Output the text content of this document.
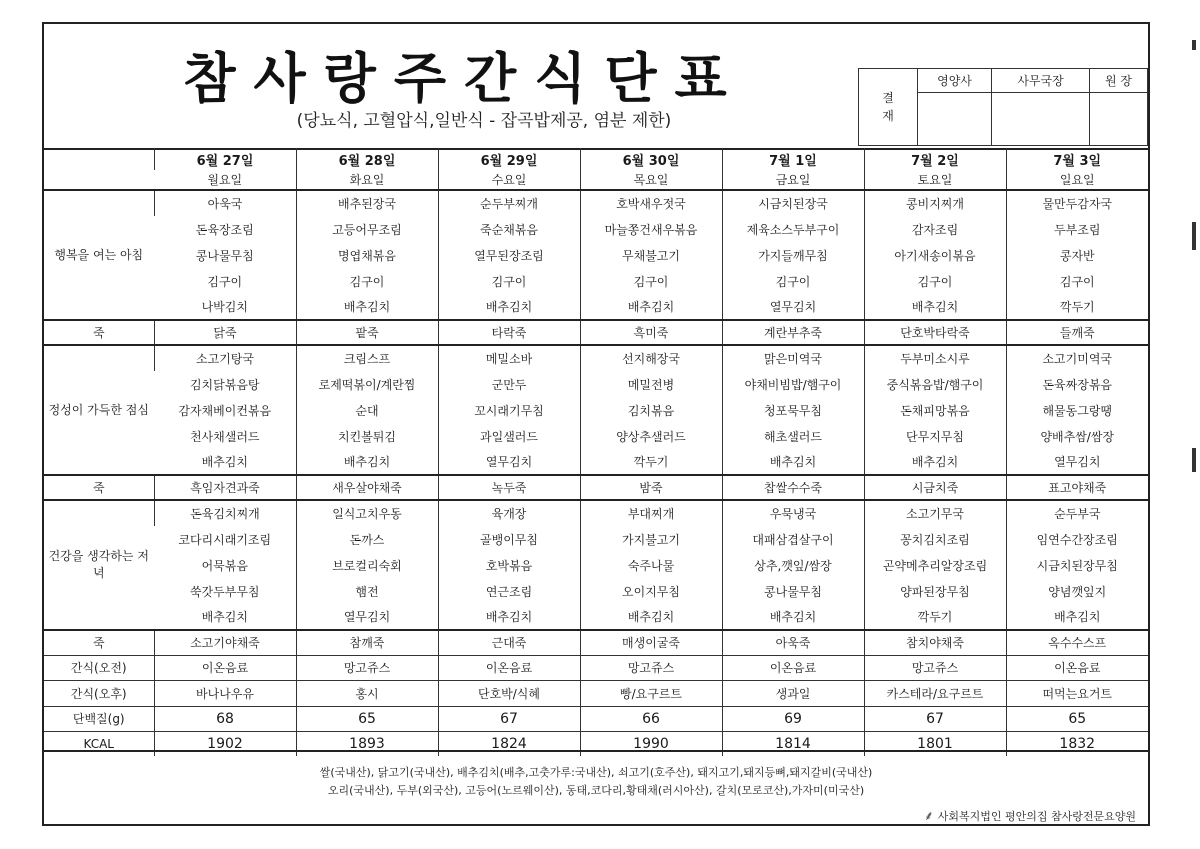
참사랑주간식단표
(당뇨식, 고혈압식,일반식 - 잡곡밥제공, 염분 제한)
결
재	영양사	사무국장	원 장

	6월 27일	6월 28일	6월 29일	6월 30일	7월 1일	7월 2일	7월 3일
	월요일	화요일	수요일	목요일	금요일	토요일	일요일
행복을 여는 아침	아욱국	배추된장국	순두부찌개	호박새우젓국	시금치된장국	콩비지찌개	물만두감자국
	돈육장조림	고등어무조림	죽순채볶음	마늘쫑건새우볶음	제육소스두부구이	감자조림	두부조림
	콩나물무침	명엽채볶음	열무된장조림	무채불고기	가지들깨무침	아기새송이볶음	콩자반
	김구이	김구이	김구이	김구이	김구이	김구이	김구이
	나박김치	배추김치	배추김치	배추김치	열무김치	배추김치	깍두기
죽	닭죽	팥죽	타락죽	흑미죽	계란부추죽	단호박타락죽	들깨죽
정성이 가득한 점심	소고기탕국	크림스프	메밀소바	선지해장국	맑은미역국	두부미소시루	소고기미역국
	김치닭볶음탕	로제떡볶이/계란찜	군만두	메밀전병	야채비빔밥/햄구이	중식볶음밥/햄구이	돈육짜장볶음
	감자채베이컨볶음	순대	꼬시래기무침	김치볶음	청포묵무침	돈채피망볶음	해물동그랑땡
	천사채샐러드	치킨볼튀김	과일샐러드	양상추샐러드	해초샐러드	단무지무침	양배추쌈/쌈장
	배추김치	배추김치	열무김치	깍두기	배추김치	배추김치	열무김치
죽	흑임자견과죽	새우살야채죽	녹두죽	밤죽	찹쌀수수죽	시금치죽	표고야채죽
건강을 생각하는 저녁	돈육김치찌개	일식고치우동	육개장	부대찌개	우묵냉국	소고기무국	순두부국
	코다리시래기조림	돈까스	골뱅이무침	가지불고기	대패삼겹살구이	꽁치김치조림	임연수간장조림
	어묵볶음	브로컬리숙회	호박볶음	숙주나물	상추,깻잎/쌈장	곤약메추리알장조림	시금치된장무침
	쑥갓두부무침	햄전	연근조림	오이지무침	콩나물무침	양파된장무침	양념깻잎지
	배추김치	열무김치	배추김치	배추김치	배추김치	깍두기	배추김치
죽	소고기야채죽	참깨죽	근대죽	매생이굴죽	아욱죽	참치야채죽	옥수수스프
간식(오전)	이온음료	망고쥬스	이온음료	망고쥬스	이온음료	망고쥬스	이온음료
간식(오후)	바나나우유	홍시	단호박/식혜	빵/요구르트	생과일	카스테라/요구르트	떠먹는요거트
단백질(g)	68	65	67	66	69	67	65
KCAL	1902	1893	1824	1990	1814	1801	1832
쌀(국내산), 닭고기(국내산), 배추김치(배추,고춧가루:국내산), 쇠고기(호주산), 돼지고기,돼지등뼈,돼지갈비(국내산)
오리(국내산), 두부(외국산), 고등어(노르웨이산), 동태,코다리,황태채(러시아산), 갈치(모로코산),가자미(미국산)
⸙ 사회복지법인 평안의집 참사랑전문요양원
